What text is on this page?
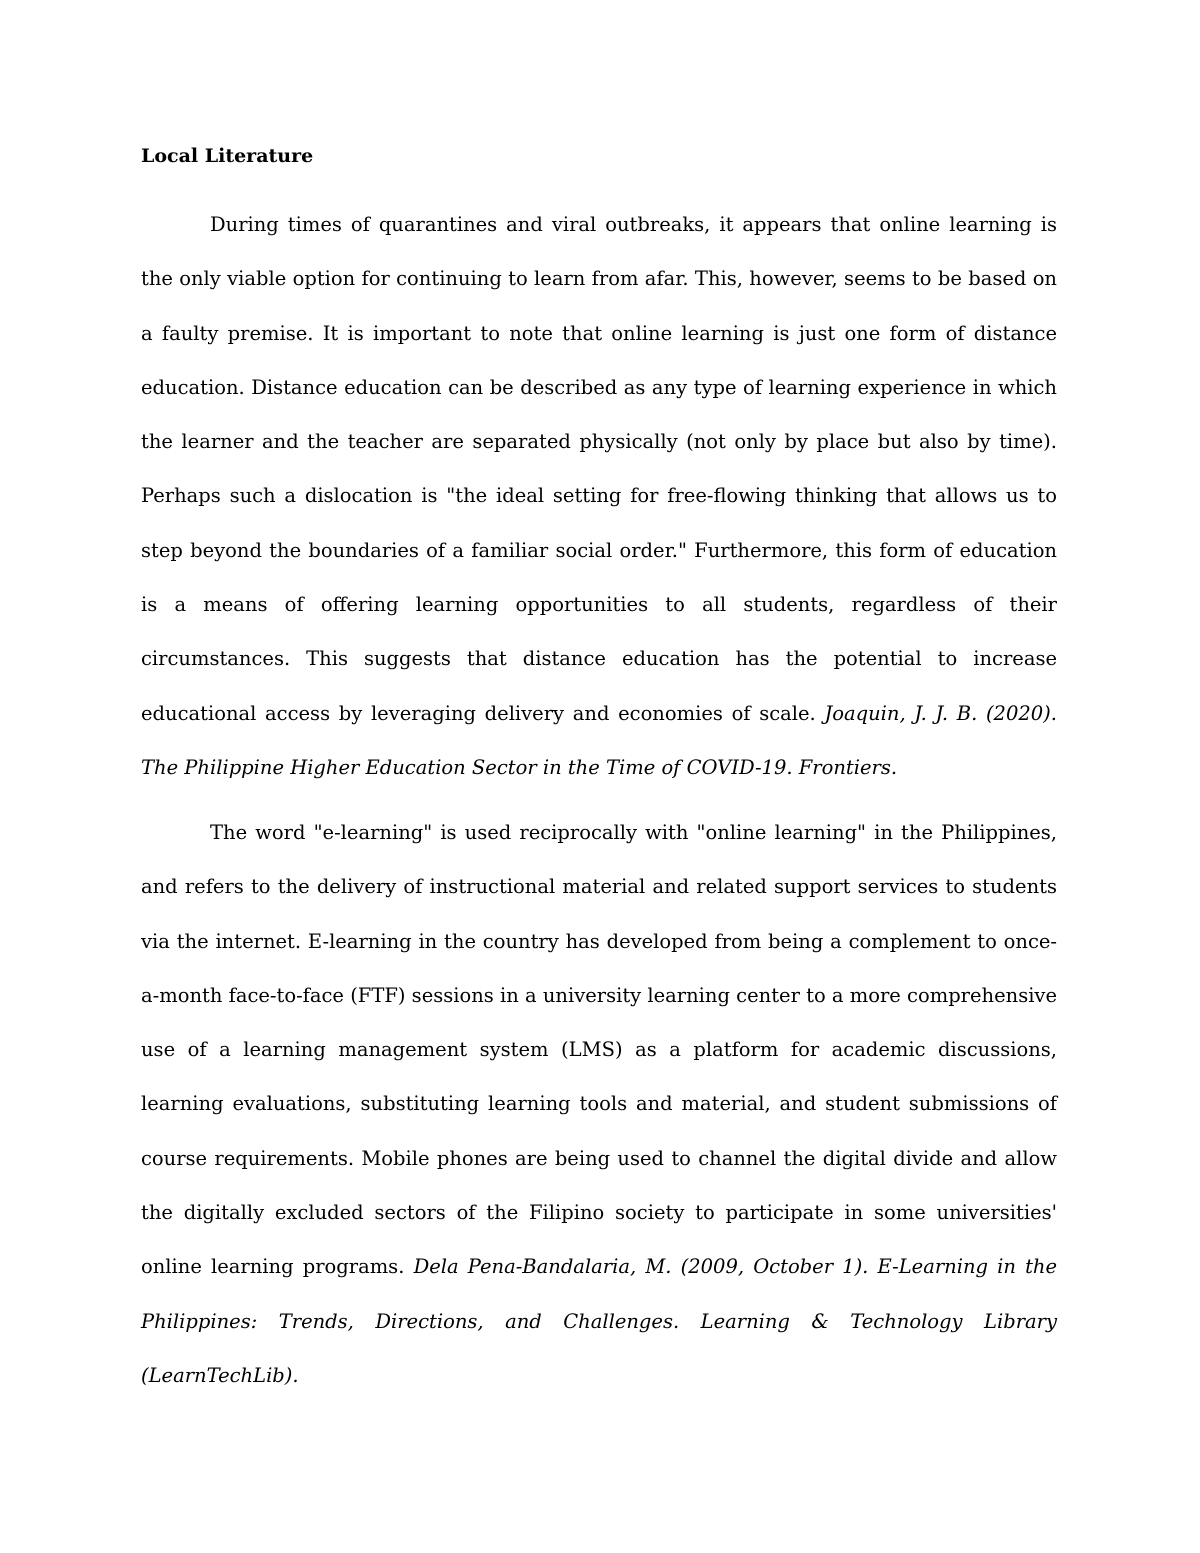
Local Literature

During times of quarantines and viral outbreaks, it appears that online learning is the only viable option for continuing to learn from afar. This, however, seems to be based on a faulty premise. It is important to note that online learning is just one form of distance education. Distance education can be described as any type of learning experience in which the learner and the teacher are separated physically (not only by place but also by time). Perhaps such a dislocation is "the ideal setting for free-flowing thinking that allows us to step beyond the boundaries of a familiar social order." Furthermore, this form of education is a means of offering learning opportunities to all students, regardless of their circumstances. This suggests that distance education has the potential to increase educational access by leveraging delivery and economies of scale. Joaquin, J. J. B. (2020). The Philippine Higher Education Sector in the Time of COVID-19. Frontiers.

The word "e-learning" is used reciprocally with "online learning" in the Philippines, and refers to the delivery of instructional material and related support services to students via the internet. E-learning in the country has developed from being a complement to once-a-month face-to-face (FTF) sessions in a university learning center to a more comprehensive use of a learning management system (LMS) as a platform for academic discussions, learning evaluations, substituting learning tools and material, and student submissions of course requirements. Mobile phones are being used to channel the digital divide and allow the digitally excluded sectors of the Filipino society to participate in some universities' online learning programs. Dela Pena-Bandalaria, M. (2009, October 1). E-Learning in the Philippines: Trends, Directions, and Challenges. Learning & Technology Library (LearnTechLib).
